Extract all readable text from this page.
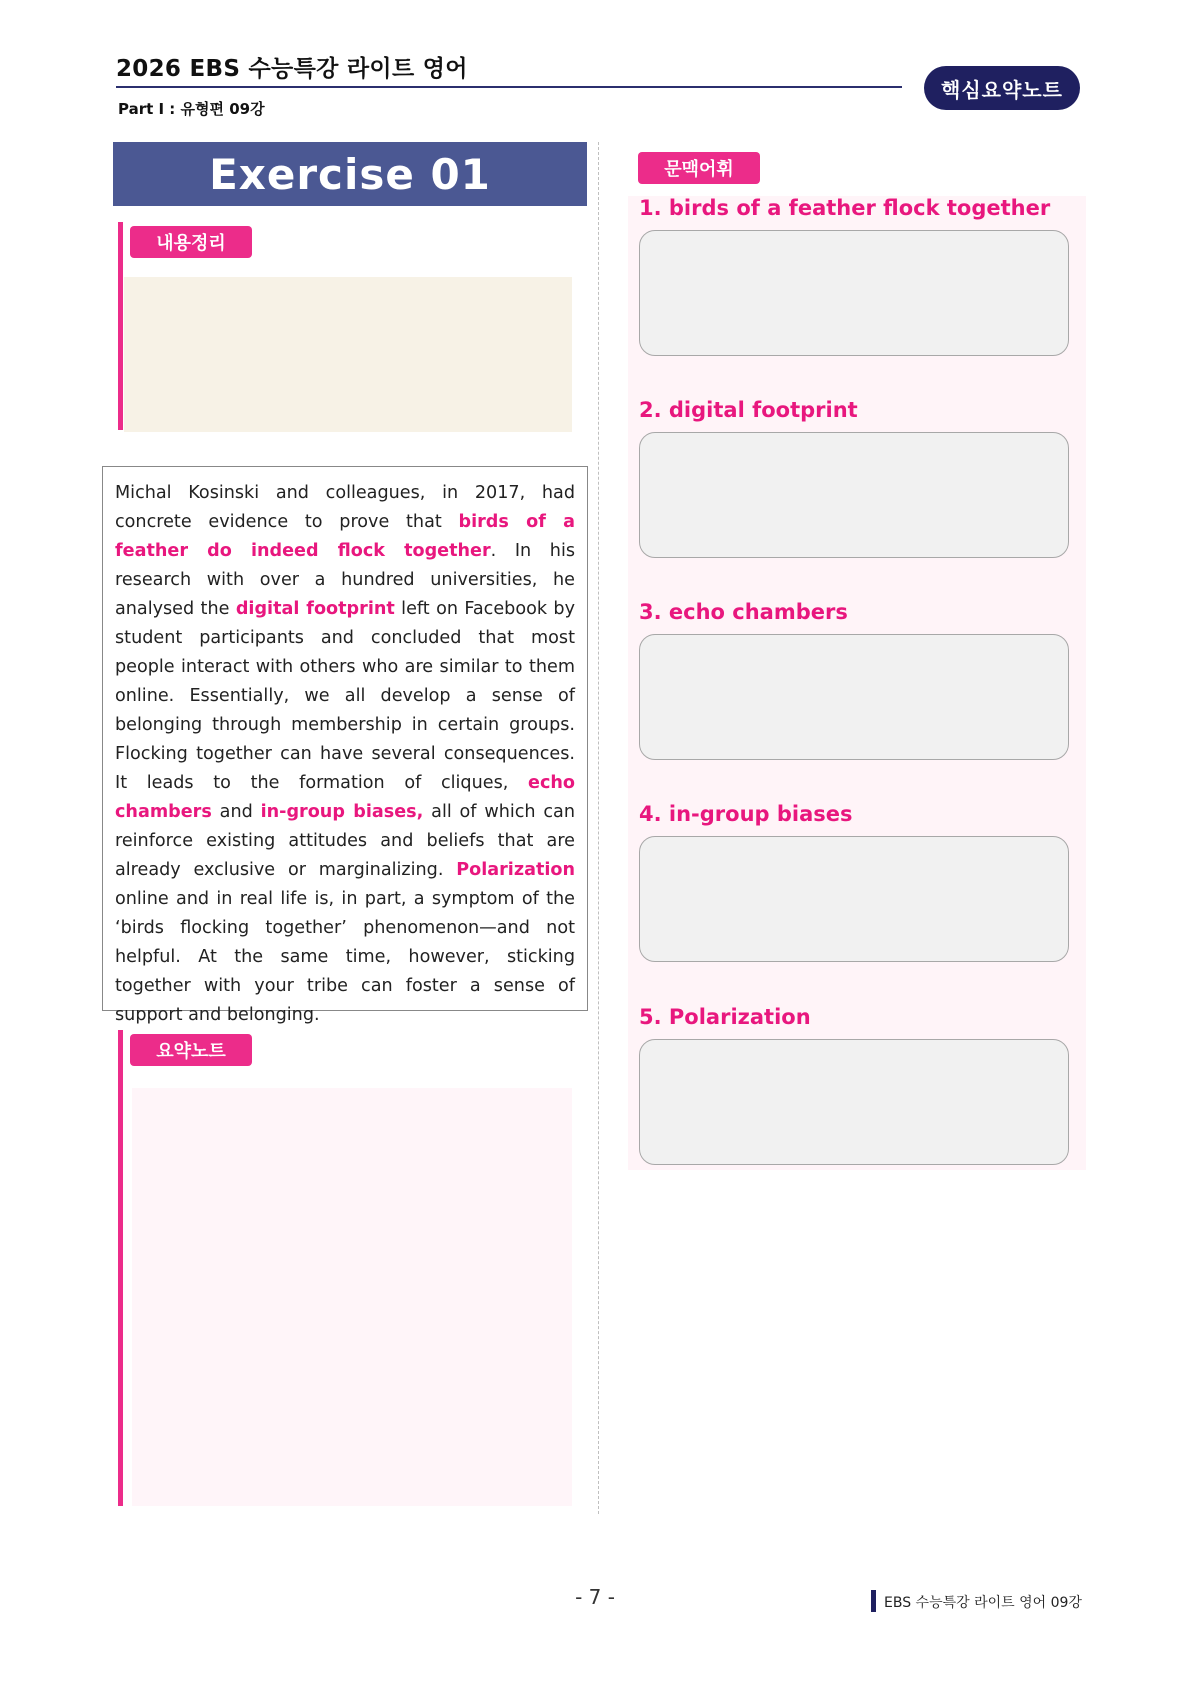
2026 EBS 수능특강 라이트 영어
Part Ⅰ : 유형편 09강
핵심요약노트
Exercise 01
내용정리

Michal Kosinski and colleagues, in 2017, had concrete evidence to prove that birds of a feather do indeed flock together. In his research with over a hundred universities, he analysed the digital footprint left on Facebook by student participants and concluded that most people interact with others who are similar to them online. Essentially, we all develop a sense of belonging through membership in certain groups. Flocking together can have several consequences. It leads to the formation of cliques, echo chambers and in-group biases, all of which can reinforce existing attitudes and beliefs that are already exclusive or marginalizing. Polarization online and in real life is, in part, a symptom of the ‘birds flocking together’ phenomenon—and not helpful. At the same time, however, sticking together with your tribe can foster a sense of support and belonging.

요약노트
문맥어휘
1. birds of a feather flock together
2. digital footprint
3. echo chambers
4. in-group biases
5. Polarization
- 7 -	EBS 수능특강 라이트 영어 09강
